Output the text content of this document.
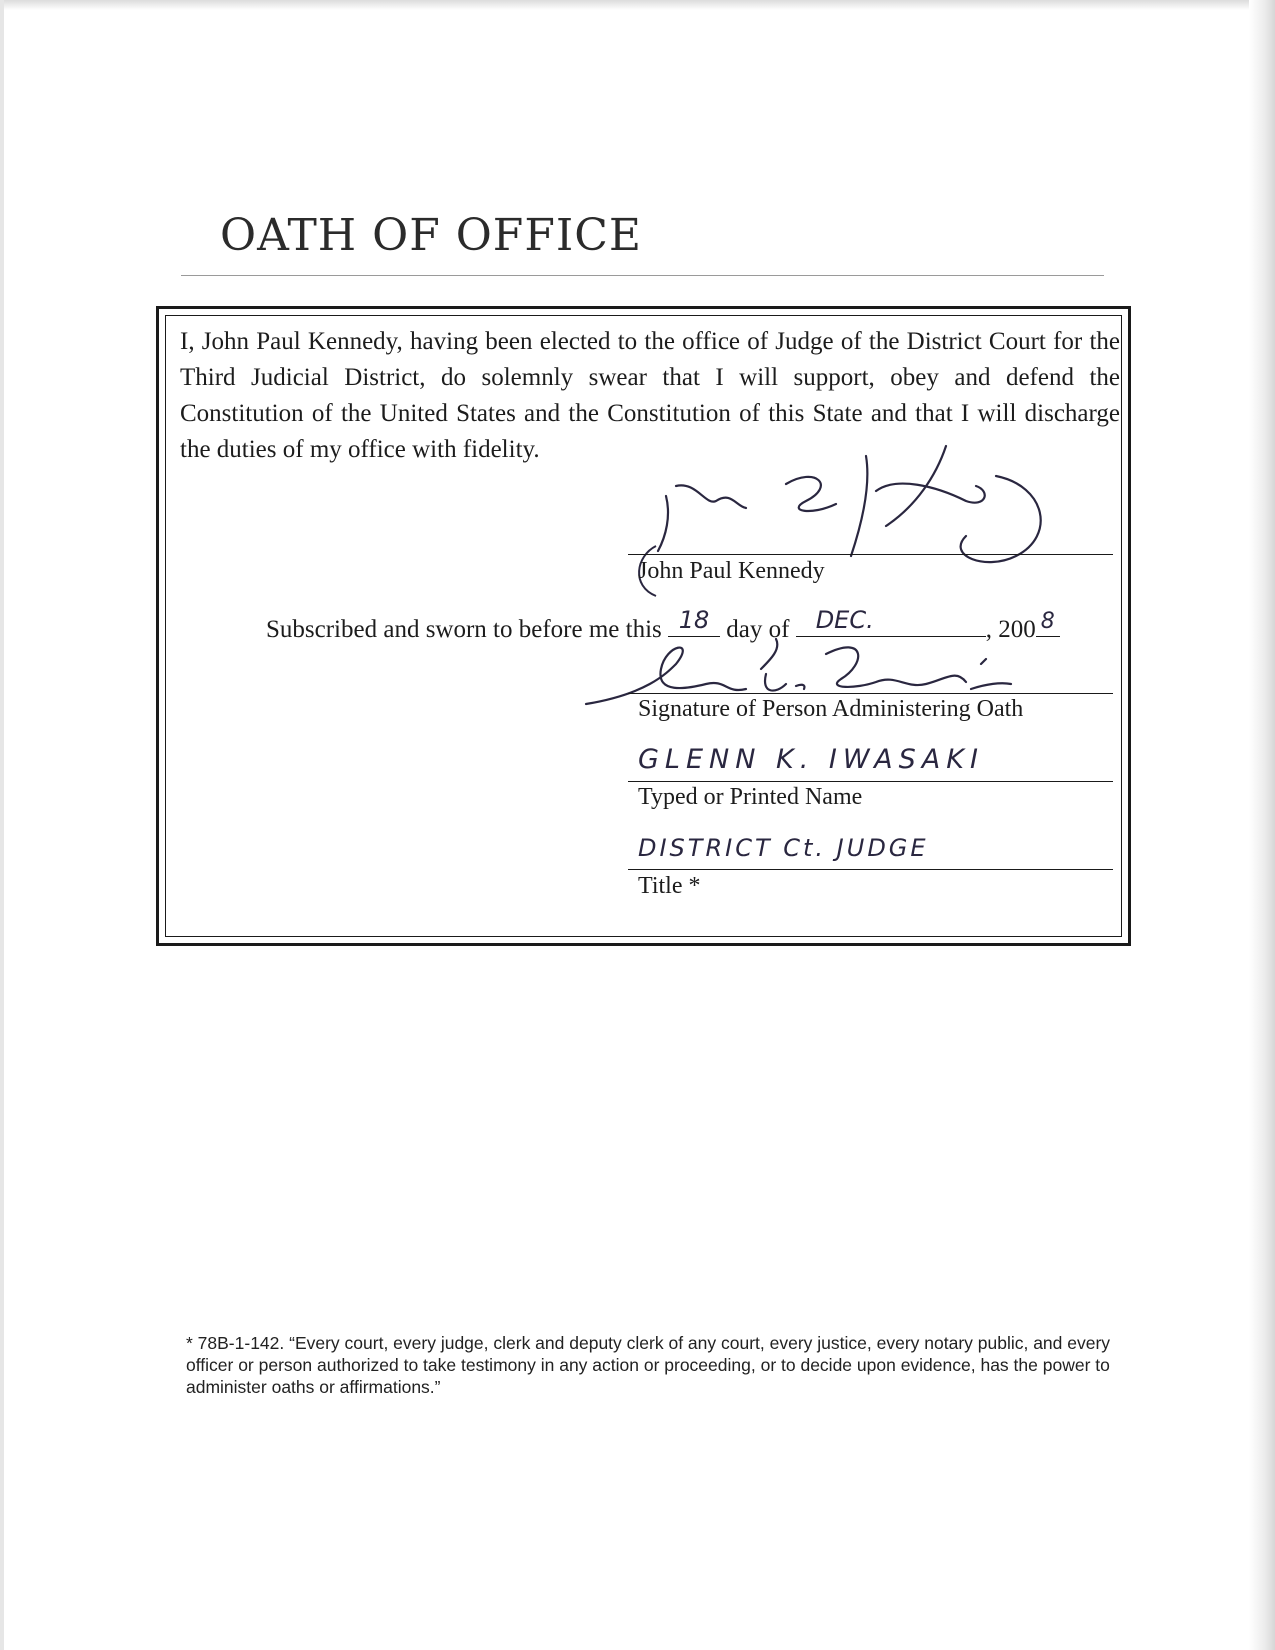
OATH OF OFFICE

I, John Paul Kennedy, having been elected to the office of Judge of the District Court for the Third Judicial District, do solemnly swear that I will support, obey and defend the Constitution of the United States and the Constitution of this State and that I will discharge the duties of my office with fidelity.

John Paul Kennedy
Subscribed and sworn to before me this 18 day of DEC.	, 200 8
Signature of Person Administering Oath
GLENN K. IWASAKI
Typed or Printed Name
DISTRICT Ct. JUDGE
Title *

* 78B-1-142. “Every court, every judge, clerk and deputy clerk of any court, every justice, every notary public, and every officer or person authorized to take testimony in any action or proceeding, or to decide upon evidence, has the power to administer oaths or affirmations.”
